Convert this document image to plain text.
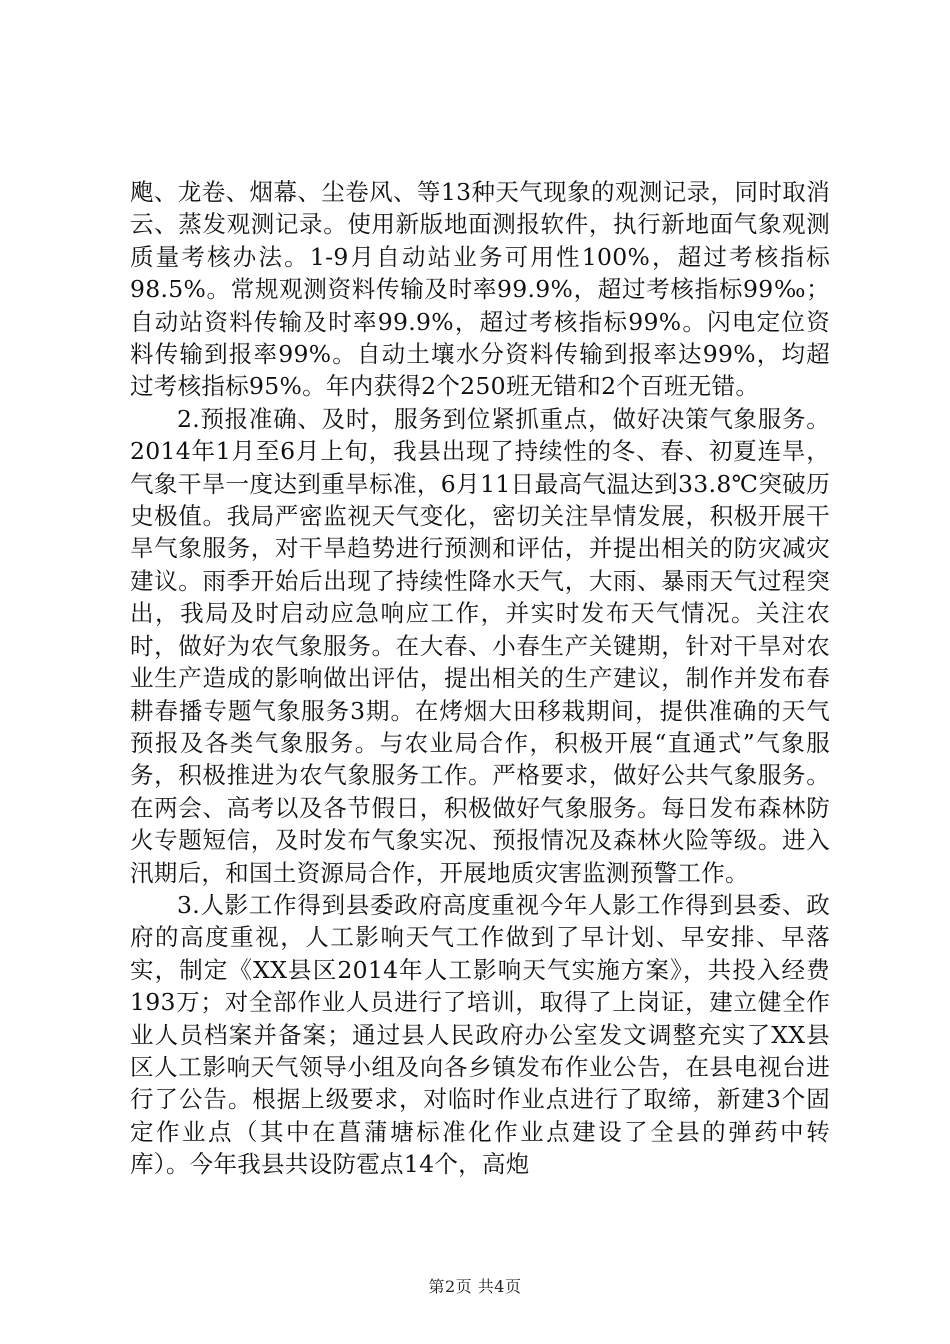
飑、龙卷、烟幕、尘卷风、等13种天气现象的观测记录，同时取消云、蒸发观测记录。使用新版地面测报软件，执行新地面气象观测质量考核办法。1-9月自动站业务可用性100%，超过考核指标98.5%。常规观测资料传输及时率99.9%，超过考核指标99‰；自动站资料传输及时率99.9%，超过考核指标99%。闪电定位资料传输到报率99%。自动土壤水分资料传输到报率达99%，均超过考核指标95%。年内获得2个250班无错和2个百班无错。

2.预报准确、及时，服务到位紧抓重点，做好决策气象服务。2014年1月至6月上旬，我县出现了持续性的冬、春、初夏连旱，气象干旱一度达到重旱标准，6月11日最高气温达到33.8℃突破历史极值。我局严密监视天气变化，密切关注旱情发展，积极开展干旱气象服务，对干旱趋势进行预测和评估，并提出相关的防灾减灾建议。雨季开始后出现了持续性降水天气，大雨、暴雨天气过程突出，我局及时启动应急响应工作，并实时发布天气情况。关注农时，做好为农气象服务。在大春、小春生产关键期，针对干旱对农业生产造成的影响做出评估，提出相关的生产建议，制作并发布春耕春播专题气象服务3期。在烤烟大田移栽期间，提供准确的天气预报及各类气象服务。与农业局合作，积极开展“直通式”气象服务，积极推进为农气象服务工作。严格要求，做好公共气象服务。在两会、高考以及各节假日，积极做好气象服务。每日发布森林防火专题短信，及时发布气象实况、预报情况及森林火险等级。进入汛期后，和国土资源局合作，开展地质灾害监测预警工作。

3.人影工作得到县委政府高度重视今年人影工作得到县委、政府的高度重视，人工影响天气工作做到了早计划、早安排、早落实，制定《XX县区2014年人工影响天气实施方案》，共投入经费193万；对全部作业人员进行了培训，取得了上岗证，建立健全作业人员档案并备案；通过县人民政府办公室发文调整充实了XX县区人工影响天气领导小组及向各乡镇发布作业公告，在县电视台进行了公告。根据上级要求，对临时作业点进行了取缔，新建3个固定作业点（其中在菖蒲塘标准化作业点建设了全县的弹药中转库）。今年我县共设防雹点14个，高炮

第2页 共4页
